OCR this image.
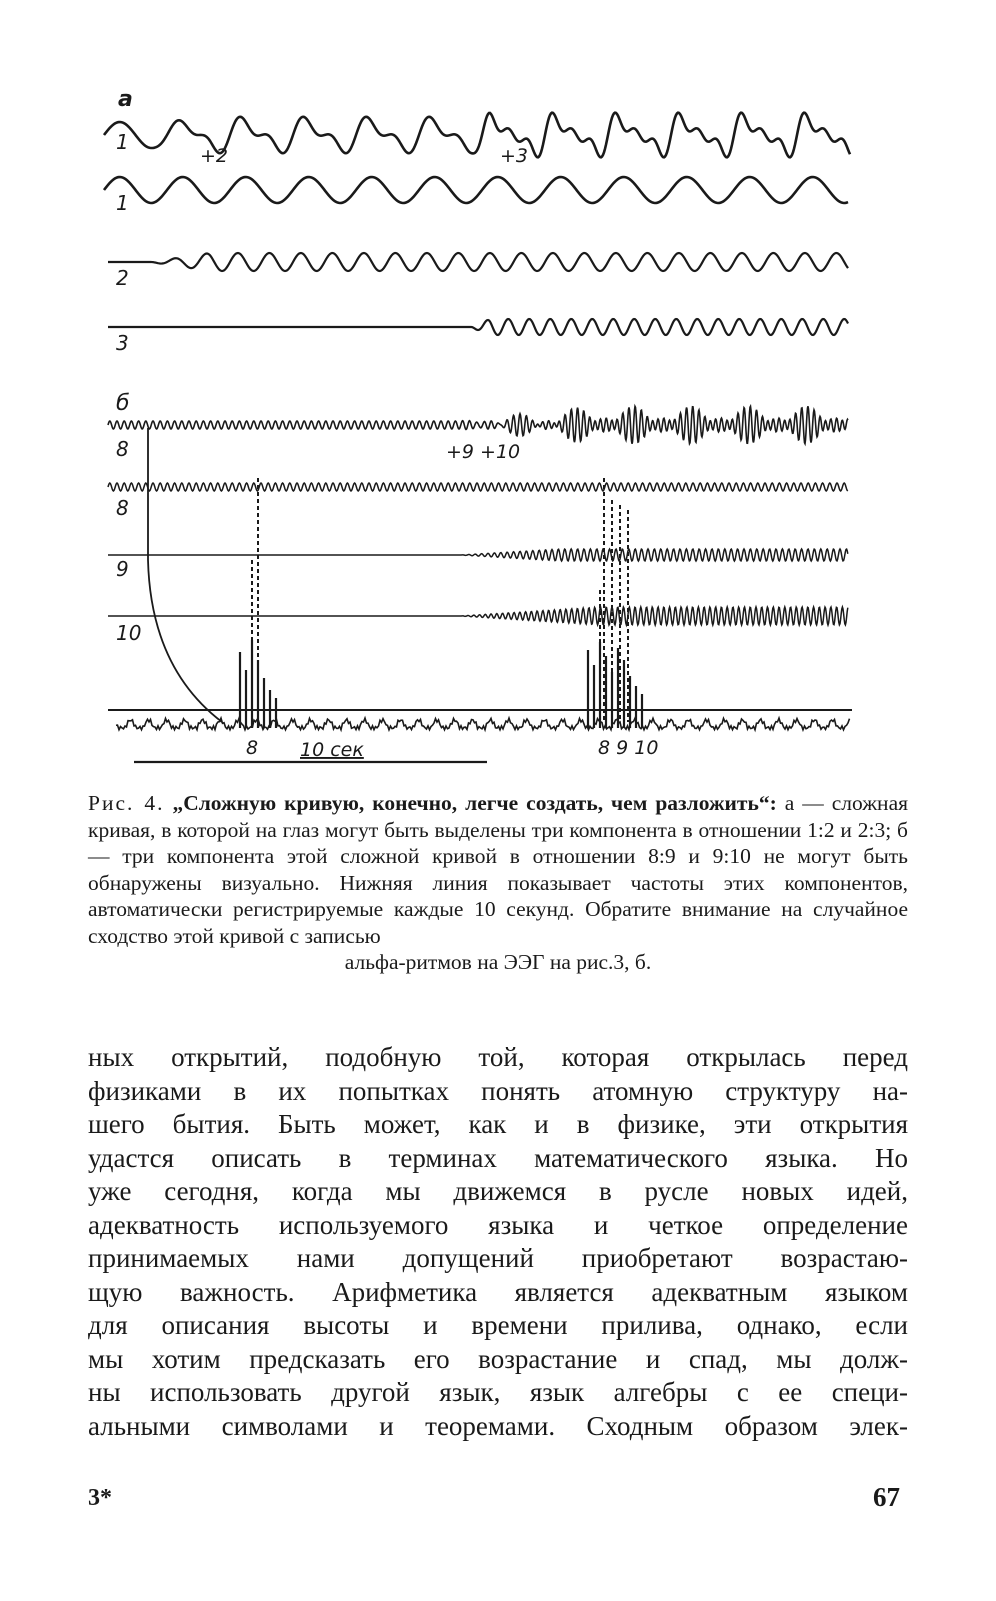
a
1
1
2
3
+2	+3
б
8
8
9
10
+9 +10
8	8 9 10
10 сек

Рис. 4. „Сложную кривую, конечно, легче создать, чем разложить“: а — сложная кривая, в которой на глаз могут быть выделены три компонента в отношении 1:2 и 2:3; б — три компонента этой сложной кривой в отношении 8:9 и 9:10 не могут быть обнаружены визуально. Нижняя линия показывает частоты этих компонентов, автоматически регистрируемые каждые 10 секунд. Обратите внимание на случайное сходство этой кривой с записью
альфа-ритмов на ЭЭГ на рис.3, б.

ных открытий, подобную той, которая открылась перед
физиками в их попытках понять атомную структуру на-
шего бытия. Быть может, как и в физике, эти открытия
удастся описать в терминах математического языка. Но
уже сегодня, когда мы движемся в русле новых идей,
адекватность используемого языка и четкое определение
принимаемых нами допущений приобретают возрастаю-
щую важность. Арифметика является адекватным языком
для описания высоты и времени прилива, однако, если
мы хотим предсказать его возрастание и спад, мы долж-
ны использовать другой язык, язык алгебры с ее специ-
альными символами и теоремами. Сходным образом элек-
3*	67
